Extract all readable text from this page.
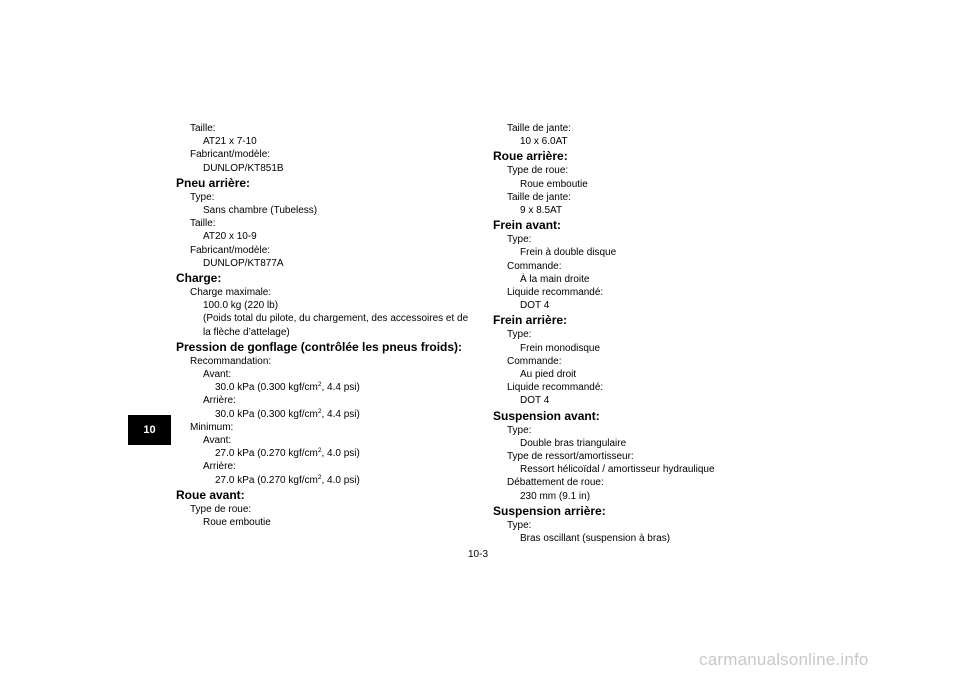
10
Taille:
AT21 x 7-10
Fabricant/modèle:
DUNLOP/KT851B
Pneu arrière:
Type:
Sans chambre (Tubeless)
Taille:
AT20 x 10-9
Fabricant/modèle:
DUNLOP/KT877A
Charge:
Charge maximale:
100.0 kg (220 lb)
(Poids total du pilote, du chargement, des accessoires et de la flèche d’attelage)
Pression de gonflage (contrôlée les pneus froids):
Recommandation:
Avant:
30.0 kPa (0.300 kgf/$cm^2$, 4.4 psi)
Arrière:
30.0 kPa (0.300 kgf/$cm^2$, 4.4 psi)
Minimum:
Avant:
27.0 kPa (0.270 kgf/$cm^2$, 4.0 psi)
Arrière:
27.0 kPa (0.270 kgf/$cm^2$, 4.0 psi)
Roue avant:
Type de roue:
Roue emboutie
Taille de jante:
10 x 6.0AT
Roue arrière:
Type de roue:
Roue emboutie
Taille de jante:
9 x 8.5AT
Frein avant:
Type:
Frein à double disque
Commande:
À la main droite
Liquide recommandé:
DOT 4
Frein arrière:
Type:
Frein monodisque
Commande:
Au pied droit
Liquide recommandé:
DOT 4
Suspension avant:
Type:
Double bras triangulaire
Type de ressort/amortisseur:
Ressort hélicoïdal / amortisseur hydraulique
Débattement de roue:
230 mm (9.1 in)
Suspension arrière:
Type:
Bras oscillant (suspension à bras)
10-3
carmanualsonline.info
